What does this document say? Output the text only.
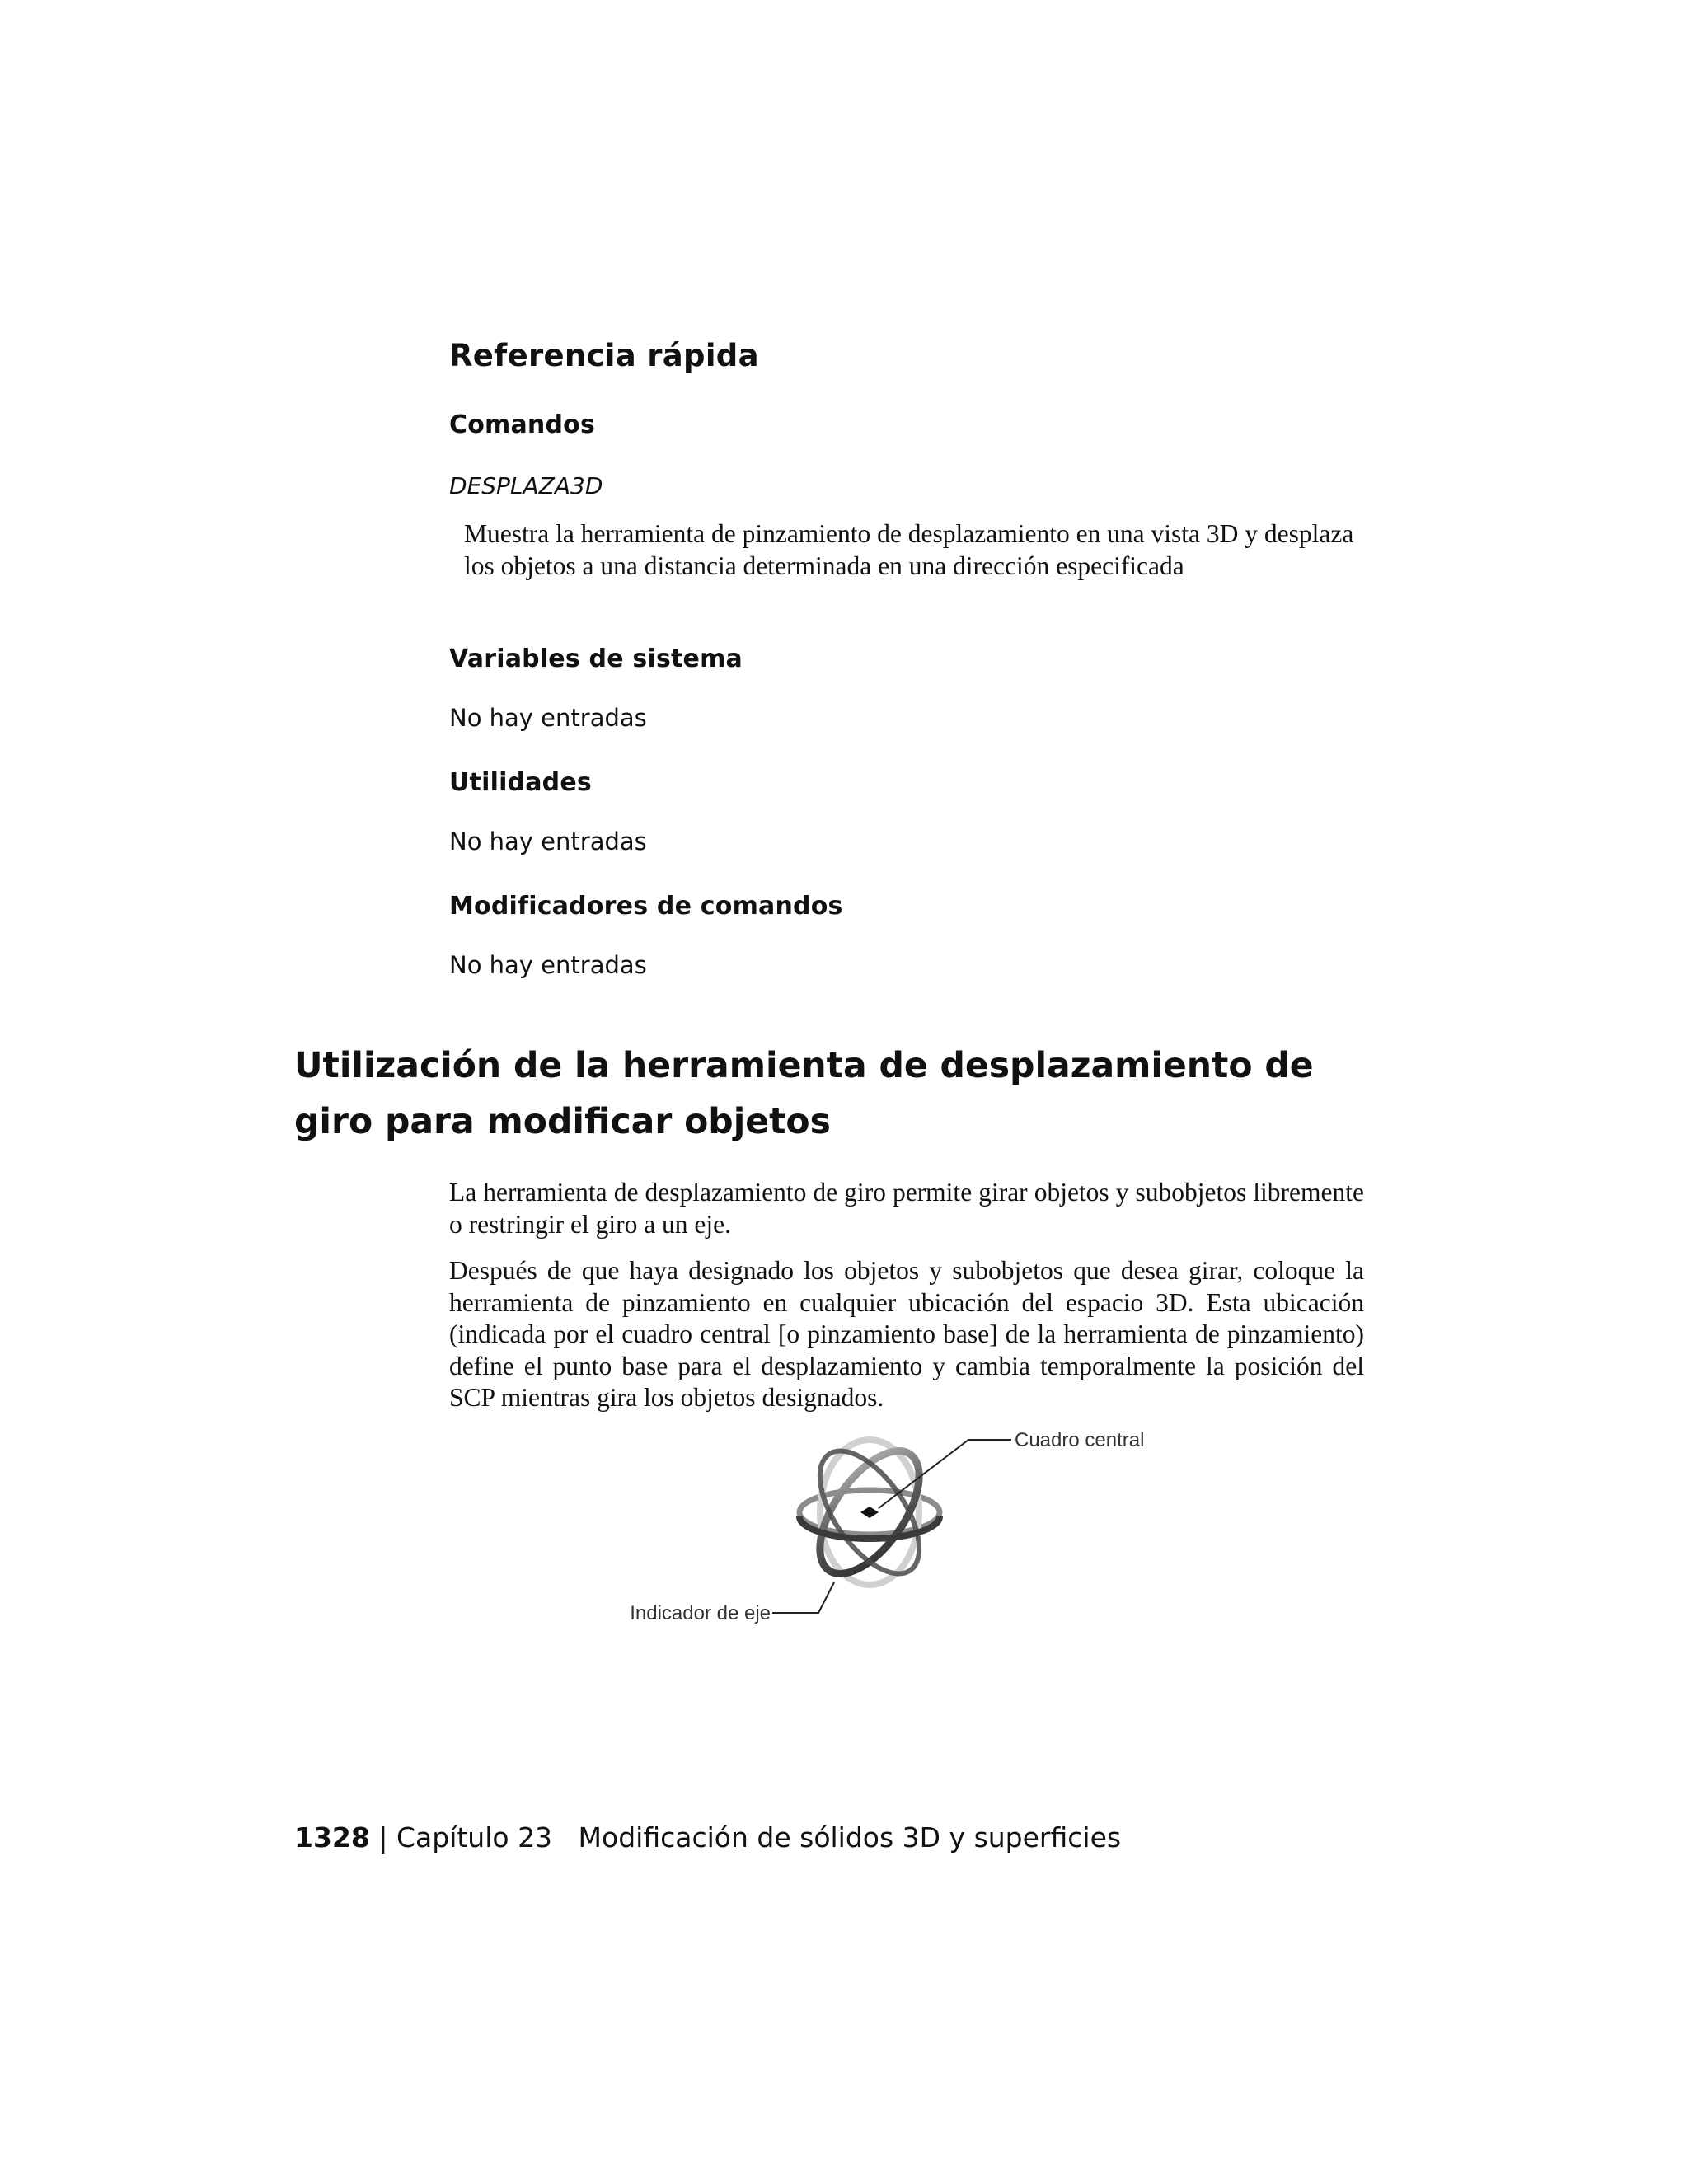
Referencia rápida
Comandos
DESPLAZA3D

Muestra la herramienta de pinzamiento de desplazamiento en una vista 3D y desplaza los objetos a una distancia determinada en una dirección especificada

Variables de sistema
No hay entradas
Utilidades
No hay entradas
Modificadores de comandos
No hay entradas
Utilización de la herramienta de desplazamiento de giro para modificar objetos

La herramienta de desplazamiento de giro permite girar objetos y subobjetos libremente o restringir el giro a un eje.

Después de que haya designado los objetos y subobjetos que desea girar, coloque la herramienta de pinzamiento en cualquier ubicación del espacio 3D. Esta ubicación (indicada por el cuadro central [o pinzamiento base] de la herramienta de pinzamiento) define el punto base para el desplazamiento y cambia temporalmente la posición del SCP mientras gira los objetos designados.

Cuadro central
Indicador de eje
1328 | Capítulo 23 Modificación de sólidos 3D y superficies
